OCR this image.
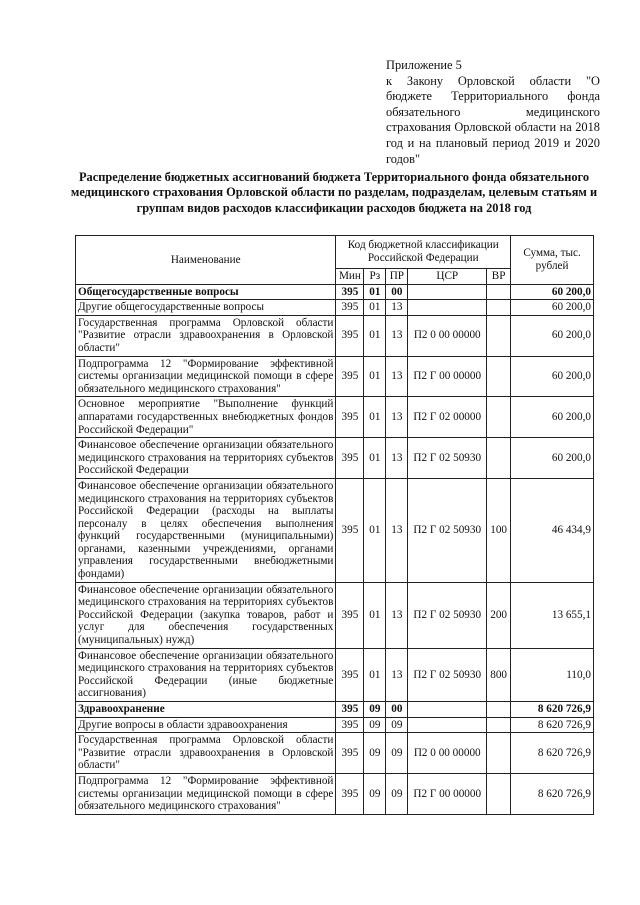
Приложение 5
к Закону Орловской области "О бюджете Территориального фонда обязательного медицинского страхования Орловской области на 2018 год и на плановый период 2019 и 2020 годов"
Распределение бюджетных ассигнований бюджета Территориального фонда обязательного медицинского страхования Орловской области по разделам, подразделам, целевым статьям и группам видов расходов классификации расходов бюджета на 2018 год
Наименование	Код бюджетной классификации Российской Федерации					Сумма, тыс. рублей
	Мин	Рз	ПР	ЦСР	ВР	
Общегосударственные вопросы	395	01	00			60 200,0
Другие общегосударственные вопросы	395	01	13			60 200,0
Государственная программа Орловской области "Развитие отрасли здравоохранения в Орловской области"	395	01	13	П2 0 00 00000		60 200,0
Подпрограмма 12 "Формирование эффективной системы организации медицинской помощи в сфере обязательного медицинского страхования"	395	01	13	П2 Г 00 00000		60 200,0
Основное мероприятие "Выполнение функций аппаратами государственных внебюджетных фондов Российской Федерации"	395	01	13	П2 Г 02 00000		60 200,0
Финансовое обеспечение организации обязательного медицинского страхования на территориях субъектов Российской Федерации	395	01	13	П2 Г 02 50930		60 200,0
Финансовое обеспечение организации обязательного медицинского страхования на территориях субъектов Российской Федерации (расходы на выплаты персоналу в целях обеспечения выполнения функций государственными (муниципальными) органами, казенными учреждениями, органами управления государственными внебюджетными фондами)	395	01	13	П2 Г 02 50930	100	46 434,9
Финансовое обеспечение организации обязательного медицинского страхования на территориях субъектов Российской Федерации (закупка товаров, работ и услуг для обеспечения государственных (муниципальных) нужд)	395	01	13	П2 Г 02 50930	200	13 655,1
Финансовое обеспечение организации обязательного медицинского страхования на территориях субъектов Российской Федерации (иные бюджетные ассигнования)	395	01	13	П2 Г 02 50930	800	110,0
Здравоохранение	395	09	00			8 620 726,9
Другие вопросы в области здравоохранения	395	09	09			8 620 726,9
Государственная программа Орловской области "Развитие отрасли здравоохранения в Орловской области"	395	09	09	П2 0 00 00000		8 620 726,9
Подпрограмма 12 "Формирование эффективной системы организации медицинской помощи в сфере обязательного медицинского страхования"	395	09	09	П2 Г 00 00000		8 620 726,9
